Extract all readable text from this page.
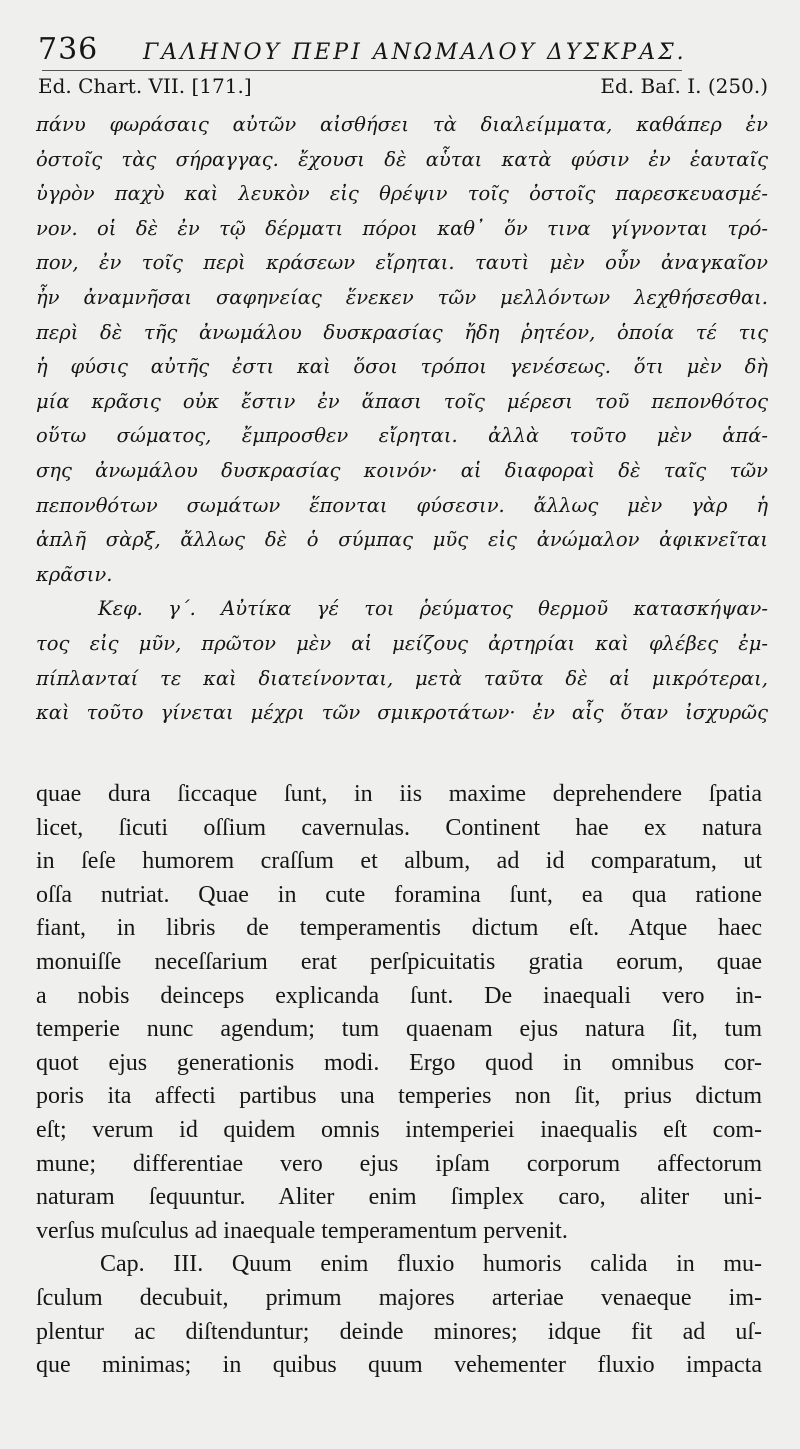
736 ΓΑΛΗΝΟΥ ΠΕΡΙ ΑΝΩΜΑΛΟΥ ΔΥΣΚΡΑΣ.
Ed. Chart. VII. [171.]	Ed. Baſ. I. (250.)
πάνυ φωράσαις αὐτῶν αἰσθήσει τὰ διαλείμματα, καθάπερ ἐν
ὀστοῖς τὰς σήραγγας. ἔχουσι δὲ αὗται κατὰ φύσιν ἐν ἑαυταῖς
ὑγρὸν παχὺ καὶ λευκὸν εἰς θρέψιν τοῖς ὀστοῖς παρεσκευασμέ-
νον. οἱ δὲ ἐν τῷ δέρματι πόροι καθ᾽ ὅν τινα γίγνονται τρό-
πον, ἐν τοῖς περὶ κράσεων εἴρηται. ταυτὶ μὲν οὖν ἀναγκαῖον
ἦν ἀναμνῆσαι σαφηνείας ἕνεκεν τῶν μελλόντων λεχθήσεσθαι.
περὶ δὲ τῆς ἀνωμάλου δυσκρασίας ἤδη ῥητέον, ὁποία τέ τις
ἡ φύσις αὐτῆς ἐστι καὶ ὅσοι τρόποι γενέσεως. ὅτι μὲν δὴ
μία κρᾶσις οὐκ ἔστιν ἐν ἅπασι τοῖς μέρεσι τοῦ πεπονθότος
οὕτω σώματος, ἔμπροσθεν εἴρηται. ἀλλὰ τοῦτο μὲν ἁπά-
σης ἀνωμάλου δυσκρασίας κοινόν· αἱ διαφοραὶ δὲ ταῖς τῶν
πεπονθότων σωμάτων ἕπονται φύσεσιν. ἄλλως μὲν γὰρ ἡ
ἁπλῆ σὰρξ, ἄλλως δὲ ὁ σύμπας μῦς εἰς ἀνώμαλον ἀφικνεῖται
κρᾶσιν.
Κεφ. γ΄. Αὐτίκα γέ τοι ῥεύματος θερμοῦ κατασκήψαν-
τος εἰς μῦν, πρῶτον μὲν αἱ μείζους ἀρτηρίαι καὶ φλέβες ἐμ-
πίπλανταί τε καὶ διατείνονται, μετὰ ταῦτα δὲ αἱ μικρότεραι,
καὶ τοῦτο γίνεται μέχρι τῶν σμικροτάτων· ἐν αἷς ὅταν ἰσχυρῶς
quae dura ſiccaque ſunt, in iis maxime deprehendere ſpatia
licet, ſicuti oſſium cavernulas. Continent hae ex natura
in ſeſe humorem craſſum et album, ad id comparatum, ut
oſſa nutriat. Quae in cute foramina ſunt, ea qua ratione
fiant, in libris de temperamentis dictum eſt. Atque haec
monuiſſe neceſſarium erat perſpicuitatis gratia eorum, quae
a nobis deinceps explicanda ſunt. De inaequali vero in-
temperie nunc agendum; tum quaenam ejus natura ſit, tum
quot ejus generationis modi. Ergo quod in omnibus cor-
poris ita affecti partibus una temperies non ſit, prius dictum
eſt; verum id quidem omnis intemperiei inaequalis eſt com-
mune; differentiae vero ejus ipſam corporum affectorum
naturam ſequuntur. Aliter enim ſimplex caro, aliter uni-
verſus muſculus ad inaequale temperamentum pervenit.
Cap. III. Quum enim fluxio humoris calida in mu-
ſculum decubuit, primum majores arteriae venaeque im-
plentur ac diſtenduntur; deinde minores; idque fit ad uſ-
que minimas; in quibus quum vehementer fluxio impacta
